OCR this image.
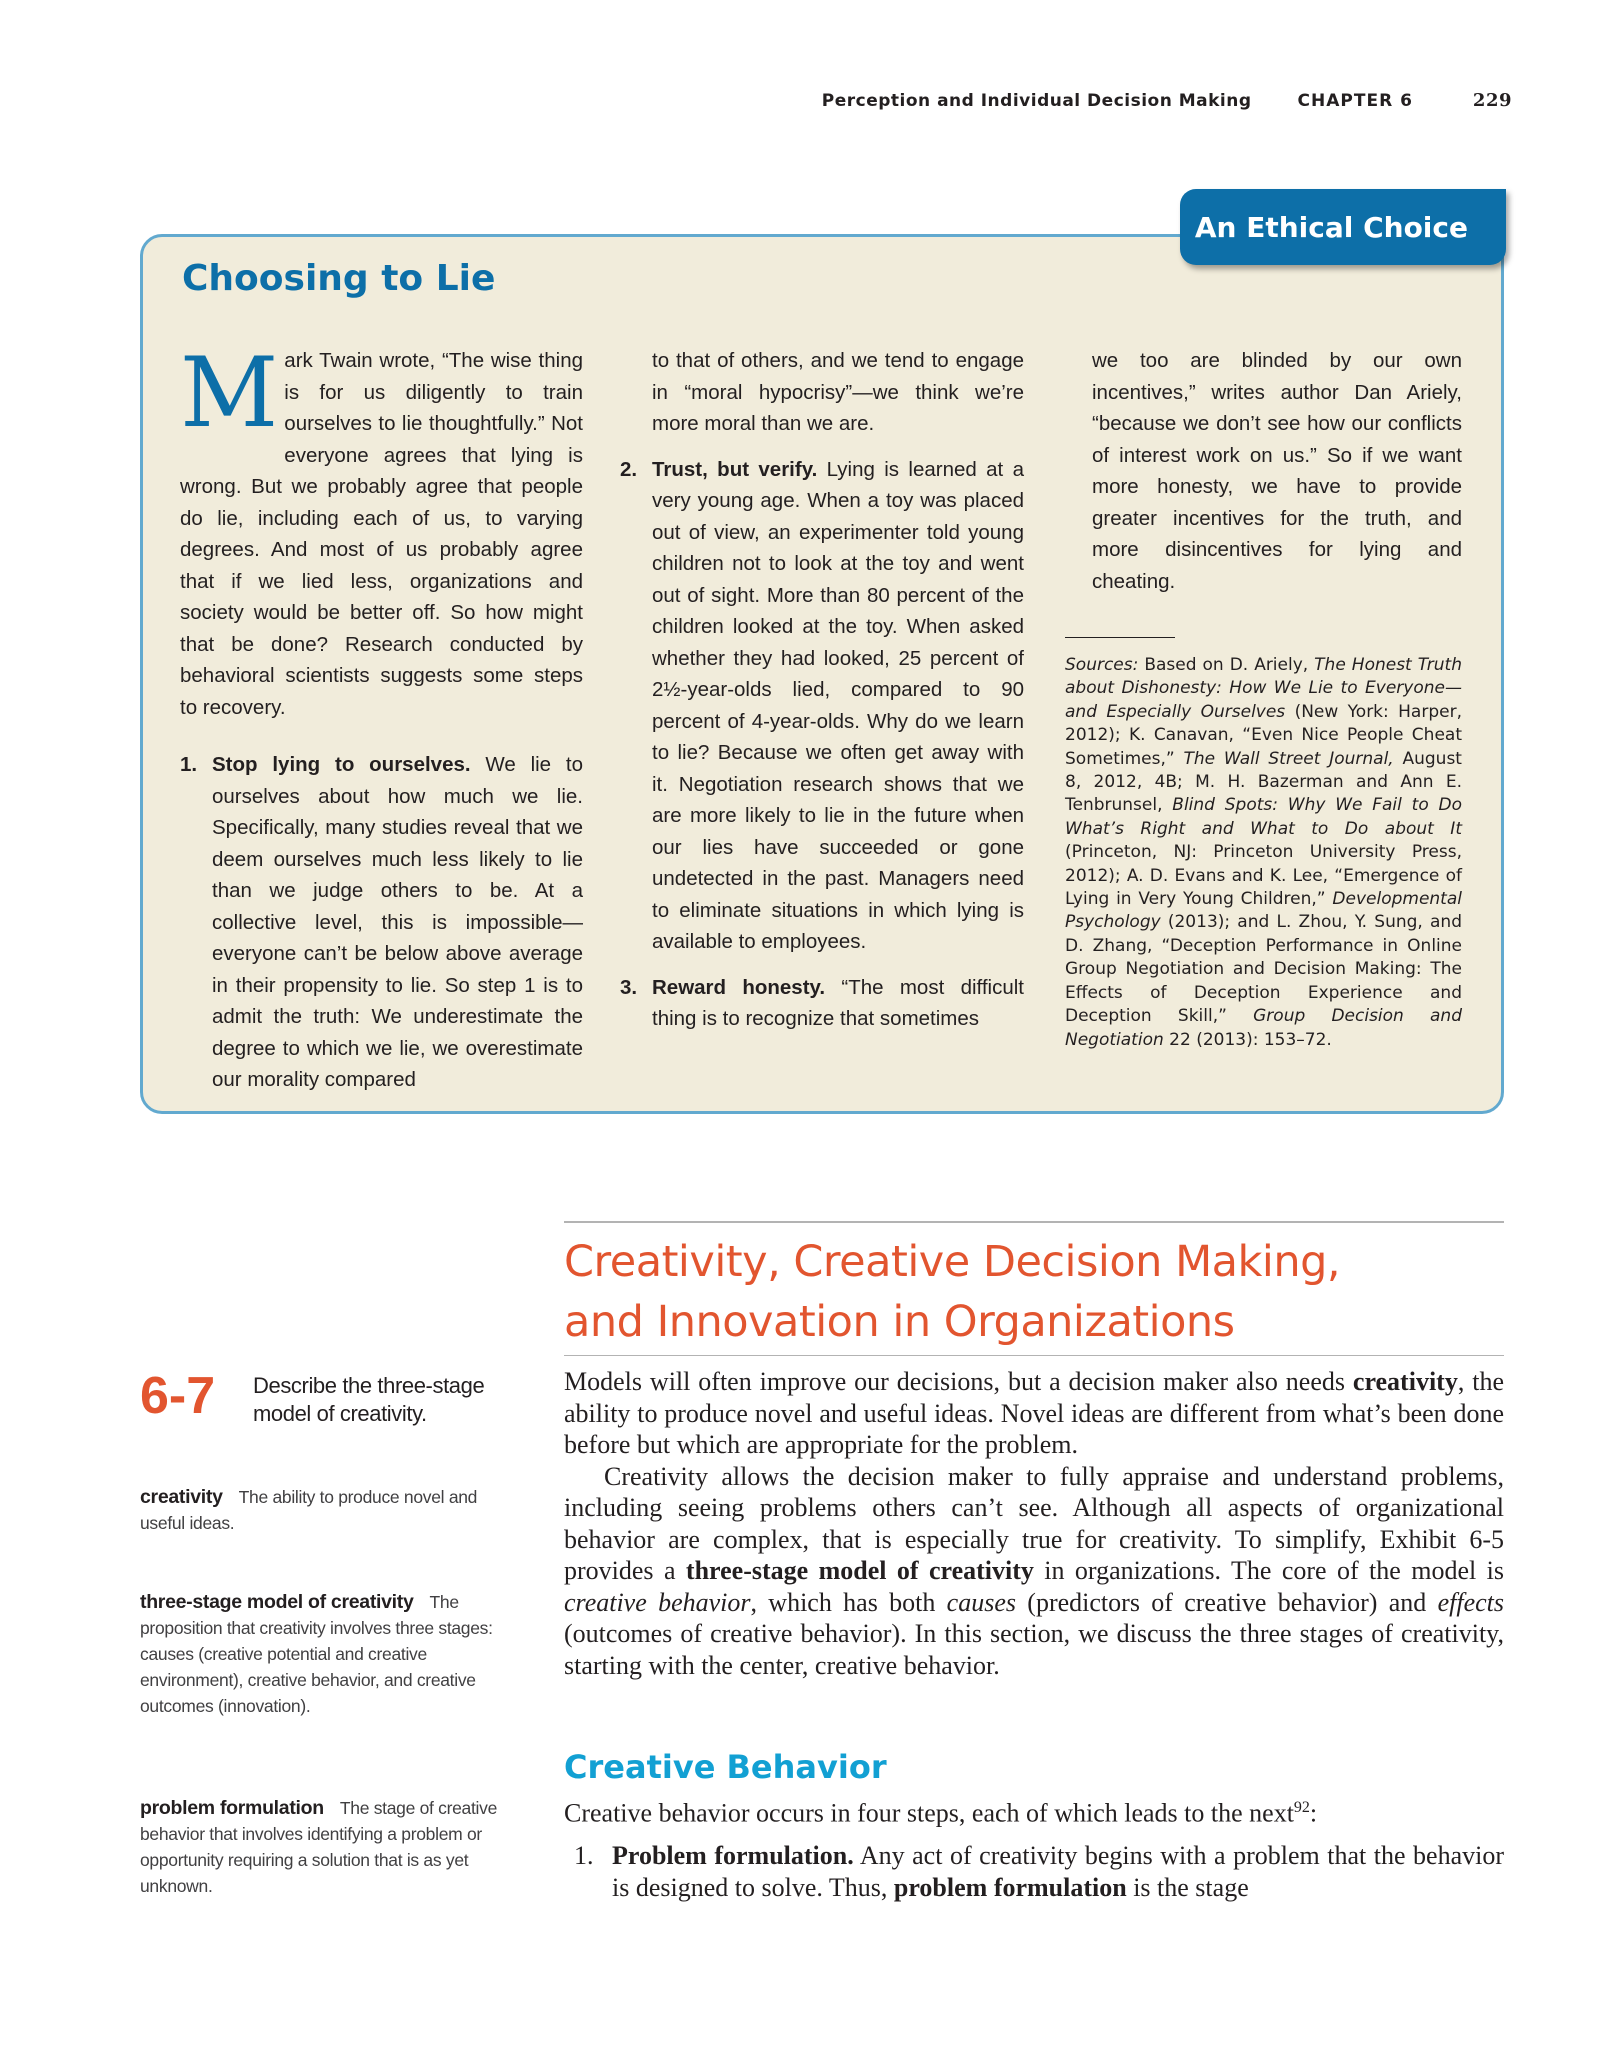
Perception and Individual Decision Making	CHAPTER 6	229
An Ethical Choice
Choosing to Lie

Mark Twain wrote, “The wise thing is for us diligently to train ourselves to lie thoughtfully.” Not everyone agrees that lying is wrong. But we probably agree that people do lie, including each of us, to varying degrees. And most of us probably agree that if we lied less, organizations and society would be better off. So how might that be done? Research conducted by behavioral scientists suggests some steps to recovery.

1. Stop lying to ourselves. We lie to ourselves about how much we lie. Specifically, many studies reveal that we deem ourselves much less likely to lie than we judge others to be. At a collective level, this is impossible—everyone can’t be below above average in their propensity to lie. So step 1 is to admit the truth: We underestimate the degree to which we lie, we overestimate our morality compared
to that of others, and we tend to engage in “moral hypocrisy”—we think we’re more moral than we are.
2. Trust, but verify. Lying is learned at a very young age. When a toy was placed out of view, an experimenter told young children not to look at the toy and went out of sight. More than 80 percent of the children looked at the toy. When asked whether they had looked, 25 percent of 2½-year-olds lied, compared to 90 percent of 4-year-olds. Why do we learn to lie? Because we often get away with it. Negotiation research shows that we are more likely to lie in the future when our lies have succeeded or gone undetected in the past. Managers need to eliminate situations in which lying is available to employees.
3. Reward honesty. “The most difficult thing is to recognize that sometimes

we too are blinded by our own incentives,” writes author Dan Ariely, “because we don’t see how our conflicts of interest work on us.” So if we want more honesty, we have to provide greater incentives for the truth, and more disincentives for lying and cheating.

Sources: Based on D. Ariely, The Honest Truth about Dishonesty: How We Lie to Everyone—and Especially Ourselves (New York: Harper, 2012); K. Canavan, “Even Nice People Cheat Sometimes,” The Wall Street Journal, August 8, 2012, 4B; M. H. Bazerman and Ann E. Tenbrunsel, Blind Spots: Why We Fail to Do What’s Right and What to Do about It (Princeton, NJ: Princeton University Press, 2012); A. D. Evans and K. Lee, “Emergence of Lying in Very Young Children,” Developmental Psychology (2013); and L. Zhou, Y. Sung, and D. Zhang, “Deception Performance in Online Group Negotiation and Decision Making: The Effects of Deception Experience and Deception Skill,” Group Decision and Negotiation 22 (2013): 153–72.
Creativity, Creative Decision Making,
and Innovation in Organizations
6-7 Describe the three-stage model of creativity.
creativity The ability to produce novel and useful ideas.
three-stage model of creativity The proposition that creativity involves three stages: causes (creative potential and creative environment), creative behavior, and creative outcomes (innovation).
problem formulation The stage of creative behavior that involves identifying a problem or opportunity requiring a solution that is as yet unknown.

Models will often improve our decisions, but a decision maker also needs creativity, the ability to produce novel and useful ideas. Novel ideas are different from what’s been done before but which are appropriate for the problem.

Creativity allows the decision maker to fully appraise and understand problems, including seeing problems others can’t see. Although all aspects of organizational behavior are complex, that is especially true for creativity. To simplify, Exhibit 6-5 provides a three-stage model of creativity in organizations. The core of the model is creative behavior, which has both causes (predictors of creative behavior) and effects (outcomes of creative behavior). In this section, we discuss the three stages of creativity, starting with the center, creative behavior.

Creative Behavior

Creative behavior occurs in four steps, each of which leads to the next$^{92}$:

1. Problem formulation. Any act of creativity begins with a problem that the behavior is designed to solve. Thus, problem formulation is the stage
